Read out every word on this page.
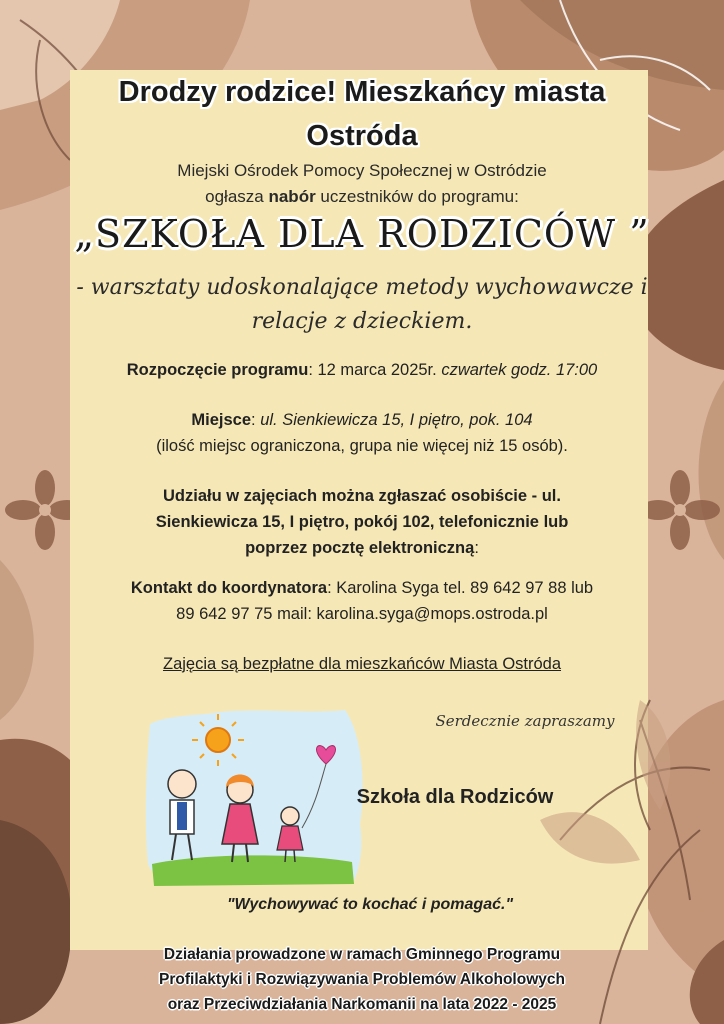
Drodzy rodzice! Mieszkańcy miasta
Ostróda
Miejski Ośrodek Pomocy Społecznej w Ostródzie
ogłasza nabór uczestników do programu:
„SZKOŁA DLA RODZICÓW ”
- warsztaty udoskonalające metody wychowawcze i
relacje z dzieckiem.
Rozpoczęcie programu: 12 marca 2025r. czwartek godz. 17:00
Miejsce: ul. Sienkiewicza 15, I piętro, pok. 104
(ilość miejsc ograniczona, grupa nie więcej niż 15 osób).
Udziału w zajęciach można zgłaszać osobiście - ul.
Sienkiewicza 15, I piętro, pokój 102, telefonicznie lub
poprzez pocztę elektroniczną:
Kontakt do koordynatora: Karolina Syga tel. 89 642 97 88 lub
89 642 97 75 mail: karolina.syga@mops.ostroda.pl
Zajęcia są bezpłatne dla mieszkańców Miasta Ostróda
Serdecznie zapraszamy
Szkoła dla Rodziców
"Wychowywać to kochać i pomagać."
Działania prowadzone w ramach Gminnego Programu
Profilaktyki i Rozwiązywania Problemów Alkoholowych
oraz Przeciwdziałania Narkomanii na lata 2022 - 2025
